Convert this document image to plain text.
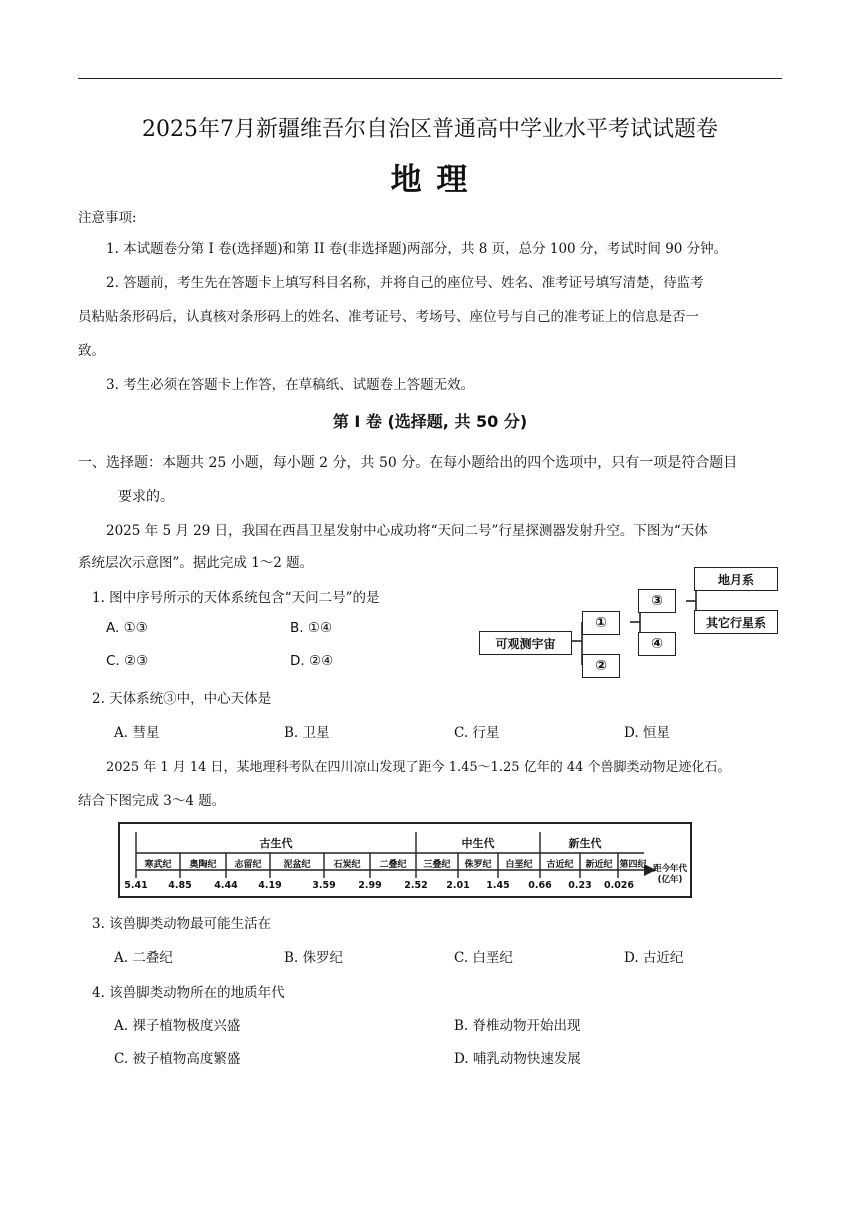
2025年7月新疆维吾尔自治区普通高中学业水平考试试题卷
地 理
注意事项:
1. 本试题卷分第 I 卷(选择题)和第 II 卷(非选择题)两部分，共 8 页，总分 100 分，考试时间 90 分钟。
2. 答题前，考生先在答题卡上填写科目名称，并将自己的座位号、姓名、准考证号填写清楚，待监考
员粘贴条形码后，认真核对条形码上的姓名、准考证号、考场号、座位号与自己的准考证上的信息是否一
致。
3. 考生必须在答题卡上作答，在草稿纸、试题卷上答题无效。
第 I 卷 (选择题, 共 50 分)
一、选择题：本题共 25 小题，每小题 2 分，共 50 分。在每小题给出的四个选项中，只有一项是符合题目
要求的。
2025 年 5 月 29 日，我国在西昌卫星发射中心成功将“天问二号”行星探测器发射升空。下图为“天体
系统层次示意图”。据此完成 1～2 题。
可观测宇宙
①
②
③
④
地月系
其它行星系
1. 图中序号所示的天体系统包含“天问二号”的是
A. ①③	B. ①④
C. ②③	D. ②④
2. 天体系统③中，中心天体是
A. 彗星	B. 卫星	C. 行星	D. 恒星
2025 年 1 月 14 日，某地理科考队在四川凉山发现了距今 1.45～1.25 亿年的 44 个兽脚类动物足迹化石。
结合下图完成 3～4 题。
古生代	中生代	新生代
寒武纪	奥陶纪	志留纪	泥盆纪	石炭纪	二叠纪	三叠纪	侏罗纪	白垩纪	古近纪	新近纪 第四纪
5.41 4.85 4.44 4.19	3.59 2.99 2.52 2.01 1.45 0.66 0.23 0.026
距今年代
(亿年)
3. 该兽脚类动物最可能生活在
A. 二叠纪	B. 侏罗纪	C. 白垩纪	D. 古近纪
4. 该兽脚类动物所在的地质年代
A. 裸子植物极度兴盛	B. 脊椎动物开始出现
C. 被子植物高度繁盛	D. 哺乳动物快速发展
